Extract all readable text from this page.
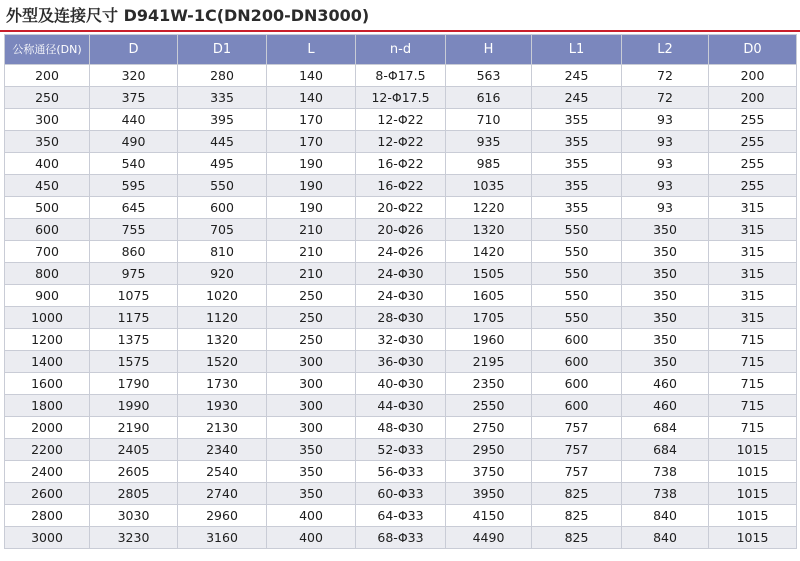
外型及连接尺寸 D941W-1C(DN200-DN3000)
公称通径(DN)	D	D1	L	n-d	H	L1	L2	D0
200	320	280	140	8-Φ17.5	563	245	72	200
250	375	335	140	12-Φ17.5	616	245	72	200
300	440	395	170	12-Φ22	710	355	93	255
350	490	445	170	12-Φ22	935	355	93	255
400	540	495	190	16-Φ22	985	355	93	255
450	595	550	190	16-Φ22	1035	355	93	255
500	645	600	190	20-Φ22	1220	355	93	315
600	755	705	210	20-Φ26	1320	550	350	315
700	860	810	210	24-Φ26	1420	550	350	315
800	975	920	210	24-Φ30	1505	550	350	315
900	1075	1020	250	24-Φ30	1605	550	350	315
1000	1175	1120	250	28-Φ30	1705	550	350	315
1200	1375	1320	250	32-Φ30	1960	600	350	715
1400	1575	1520	300	36-Φ30	2195	600	350	715
1600	1790	1730	300	40-Φ30	2350	600	460	715
1800	1990	1930	300	44-Φ30	2550	600	460	715
2000	2190	2130	300	48-Φ30	2750	757	684	715
2200	2405	2340	350	52-Φ33	2950	757	684	1015
2400	2605	2540	350	56-Φ33	3750	757	738	1015
2600	2805	2740	350	60-Φ33	3950	825	738	1015
2800	3030	2960	400	64-Φ33	4150	825	840	1015
3000	3230	3160	400	68-Φ33	4490	825	840	1015
